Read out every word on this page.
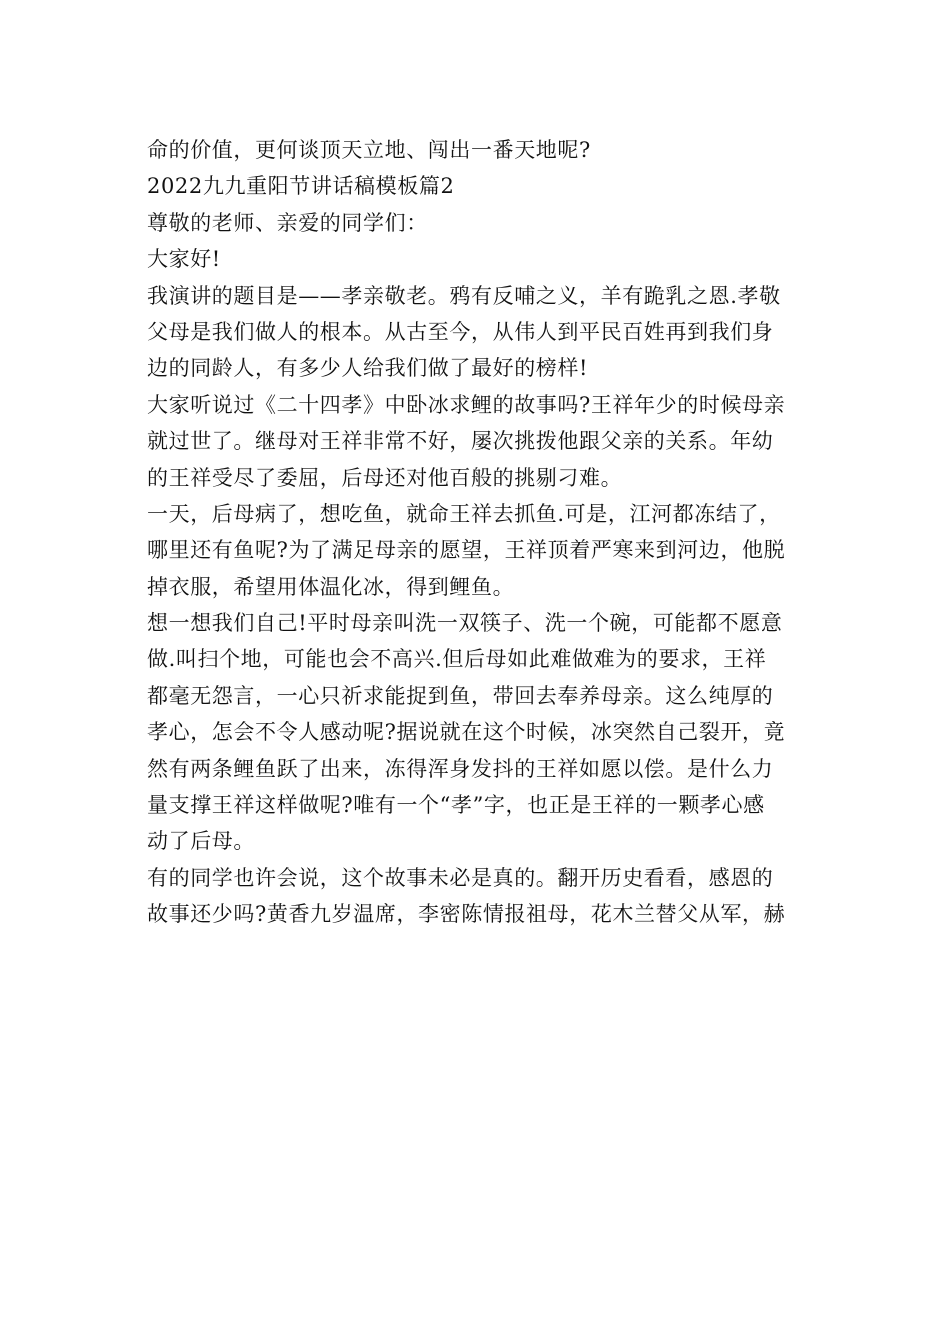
命的价值，更何谈顶天立地、闯出一番天地呢?
2022九九重阳节讲话稿模板篇2
尊敬的老师、亲爱的同学们：
大家好!
我演讲的题目是——孝亲敬老。鸦有反哺之义，羊有跪乳之恩.孝敬
父母是我们做人的根本。从古至今，从伟人到平民百姓再到我们身
边的同龄人，有多少人给我们做了最好的榜样!
大家听说过《二十四孝》中卧冰求鲤的故事吗?王祥年少的时候母亲
就过世了。继母对王祥非常不好，屡次挑拨他跟父亲的关系。年幼
的王祥受尽了委屈，后母还对他百般的挑剔刁难。
一天，后母病了，想吃鱼，就命王祥去抓鱼.可是，江河都冻结了，
哪里还有鱼呢?为了满足母亲的愿望，王祥顶着严寒来到河边，他脱
掉衣服，希望用体温化冰，得到鲤鱼。
想一想我们自己!平时母亲叫洗一双筷子、洗一个碗，可能都不愿意
做.叫扫个地，可能也会不高兴.但后母如此难做难为的要求，王祥
都毫无怨言，一心只祈求能捉到鱼，带回去奉养母亲。这么纯厚的
孝心，怎会不令人感动呢?据说就在这个时候，冰突然自己裂开，竟
然有两条鲤鱼跃了出来，冻得浑身发抖的王祥如愿以偿。是什么力
量支撑王祥这样做呢?唯有一个“孝”字，也正是王祥的一颗孝心感
动了后母。
有的同学也许会说，这个故事未必是真的。翻开历史看看，感恩的
故事还少吗?黄香九岁温席，李密陈情报祖母，花木兰替父从军，赫
